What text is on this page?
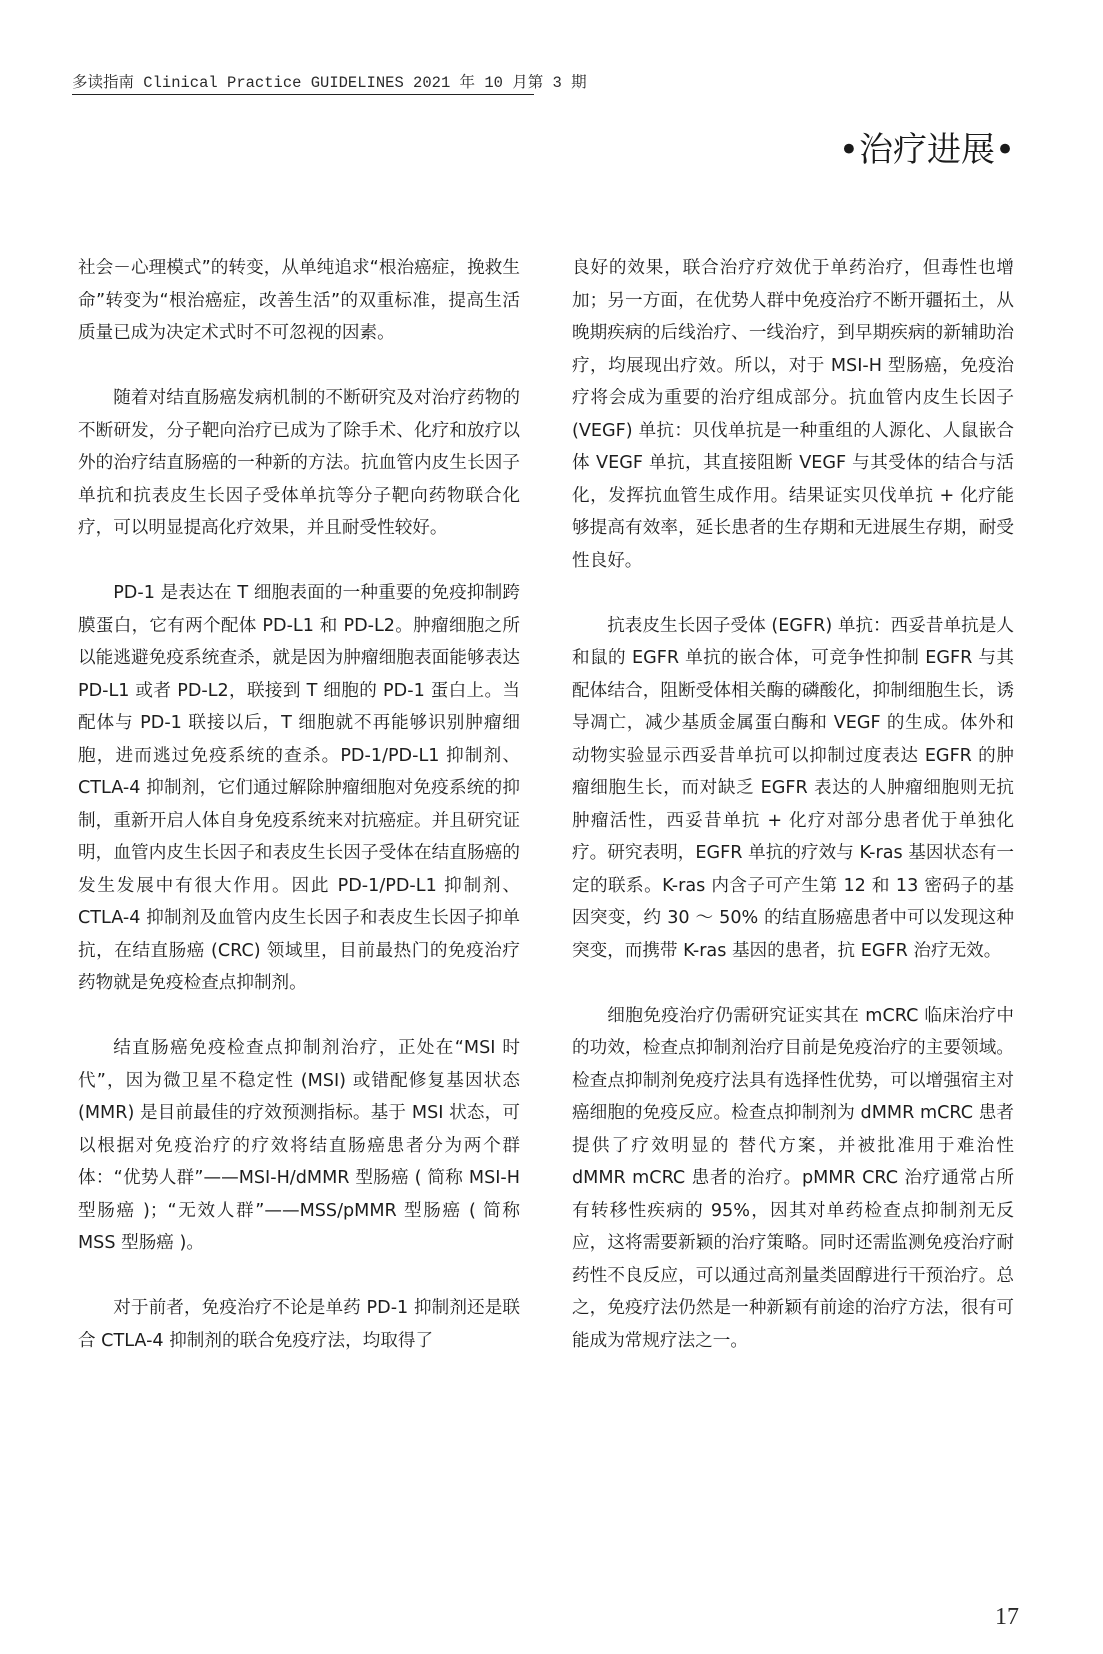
多读指南 Clinical Practice GUIDELINES 2021 年 10 月第 3 期
•治疗进展•

社会－心理模式”的转变，从单纯追求“根治癌症，挽救生命”转变为“根治癌症，改善生活”的双重标准，提高生活质量已成为决定术式时不可忽视的因素。

随着对结直肠癌发病机制的不断研究及对治疗药物的不断研发，分子靶向治疗已成为了除手术、化疗和放疗以外的治疗结直肠癌的一种新的方法。抗血管内皮生长因子单抗和抗表皮生长因子受体单抗等分子靶向药物联合化疗，可以明显提高化疗效果，并且耐受性较好。

PD-1 是表达在 T 细胞表面的一种重要的免疫抑制跨膜蛋白，它有两个配体 PD-L1 和 PD-L2。肿瘤细胞之所以能逃避免疫系统查杀，就是因为肿瘤细胞表面能够表达 PD-L1 或者 PD-L2，联接到 T 细胞的 PD-1 蛋白上。当配体与 PD-1 联接以后，T 细胞就不再能够识别肿瘤细胞，进而逃过免疫系统的查杀。PD-1/PD-L1 抑制剂、CTLA-4 抑制剂，它们通过解除肿瘤细胞对免疫系统的抑制，重新开启人体自身免疫系统来对抗癌症。并且研究证明，血管内皮生长因子和表皮生长因子受体在结直肠癌的发生发展中有很大作用。因此 PD-1/PD-L1 抑制剂、CTLA-4 抑制剂及血管内皮生长因子和表皮生长因子抑单抗，在结直肠癌 (CRC) 领域里，目前最热门的免疫治疗药物就是免疫检查点抑制剂。

结直肠癌免疫检查点抑制剂治疗，正处在“MSI 时代”，因为微卫星不稳定性 (MSI) 或错配修复基因状态 (MMR) 是目前最佳的疗效预测指标。基于 MSI 状态，可以根据对免疫治疗的疗效将结直肠癌患者分为两个群体：“优势人群”——MSI-H/dMMR 型肠癌 ( 简称 MSI-H 型肠癌 )；“无效人群”——MSS/pMMR 型肠癌 ( 简称 MSS 型肠癌 )。

对于前者，免疫治疗不论是单药 PD-1 抑制剂还是联合 CTLA-4 抑制剂的联合免疫疗法，均取得了

良好的效果，联合治疗疗效优于单药治疗，但毒性也增加；另一方面，在优势人群中免疫治疗不断开疆拓土，从晚期疾病的后线治疗、一线治疗，到早期疾病的新辅助治疗，均展现出疗效。所以，对于 MSI-H 型肠癌，免疫治疗将会成为重要的治疗组成部分。抗血管内皮生长因子 (VEGF) 单抗：贝伐单抗是一种重组的人源化、人鼠嵌合体 VEGF 单抗，其直接阻断 VEGF 与其受体的结合与活化，发挥抗血管生成作用。结果证实贝伐单抗 + 化疗能够提高有效率，延长患者的生存期和无进展生存期，耐受性良好。

抗表皮生长因子受体 (EGFR) 单抗：西妥昔单抗是人和鼠的 EGFR 单抗的嵌合体，可竞争性抑制 EGFR 与其配体结合，阻断受体相关酶的磷酸化，抑制细胞生长，诱导凋亡，减少基质金属蛋白酶和 VEGF 的生成。体外和动物实验显示西妥昔单抗可以抑制过度表达 EGFR 的肿瘤细胞生长，而对缺乏 EGFR 表达的人肿瘤细胞则无抗肿瘤活性，西妥昔单抗 + 化疗对部分患者优于单独化疗。研究表明，EGFR 单抗的疗效与 K-ras 基因状态有一定的联系。K-ras 内含子可产生第 12 和 13 密码子的基因突变，约 30 ～ 50% 的结直肠癌患者中可以发现这种突变，而携带 K-ras 基因的患者，抗 EGFR 治疗无效。

细胞免疫治疗仍需研究证实其在 mCRC 临床治疗中的功效，检查点抑制剂治疗目前是免疫治疗的主要领域。检查点抑制剂免疫疗法具有选择性优势，可以增强宿主对癌细胞的免疫反应。检查点抑制剂为 dMMR mCRC 患者提供了疗效明显的 替代方案，并被批准用于难治性 dMMR mCRC 患者的治疗。pMMR CRC 治疗通常占所有转移性疾病的 95%，因其对单药检查点抑制剂无反应，这将需要新颖的治疗策略。同时还需监测免疫治疗耐药性不良反应，可以通过高剂量类固醇进行干预治疗。总之，免疫疗法仍然是一种新颖有前途的治疗方法，很有可能成为常规疗法之一。

17
